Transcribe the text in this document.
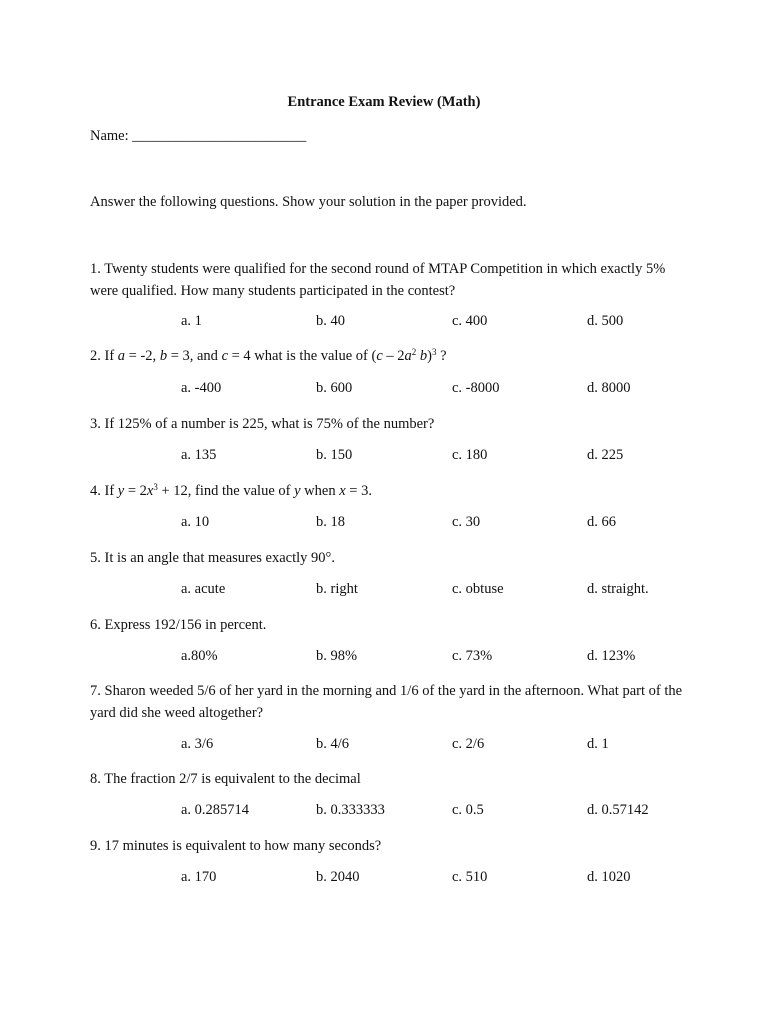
Entrance Exam Review (Math)
Name: ________________________
Answer the following questions. Show your solution in the paper provided.
1. Twenty students were qualified for the second round of MTAP Competition in which exactly 5% were qualified. How many students participated in the contest?
a. 1	b. 40	c. 400	d. 500
2. If a = -2, b = 3, and c = 4 what is the value of ($c - 2a^2$ b)$^3$ ?
a. -400	b. 600	c. -8000	d. 8000
3. If 125% of a number is 225, what is 75% of the number?
a. 135	b. 150	c. 180	d. 225
4. If $y = 2x^3 + 12$, find the value of y when x = 3.
a. 10	b. 18	c. 30	d. 66
5. It is an angle that measures exactly 90°.
a. acute	b. right	c. obtuse	d. straight.
6. Express 192/156 in percent.
a.80%	b. 98%	c. 73%	d. 123%
7. Sharon weeded 5/6 of her yard in the morning and 1/6 of the yard in the afternoon. What part of the yard did she weed altogether?
a. 3/6	b. 4/6	c. 2/6	d. 1
8. The fraction 2/7 is equivalent to the decimal
a. 0.285714	b. 0.333333	c. 0.5	d. 0.57142
9. 17 minutes is equivalent to how many seconds?
a. 170	b. 2040	c. 510	d. 1020
